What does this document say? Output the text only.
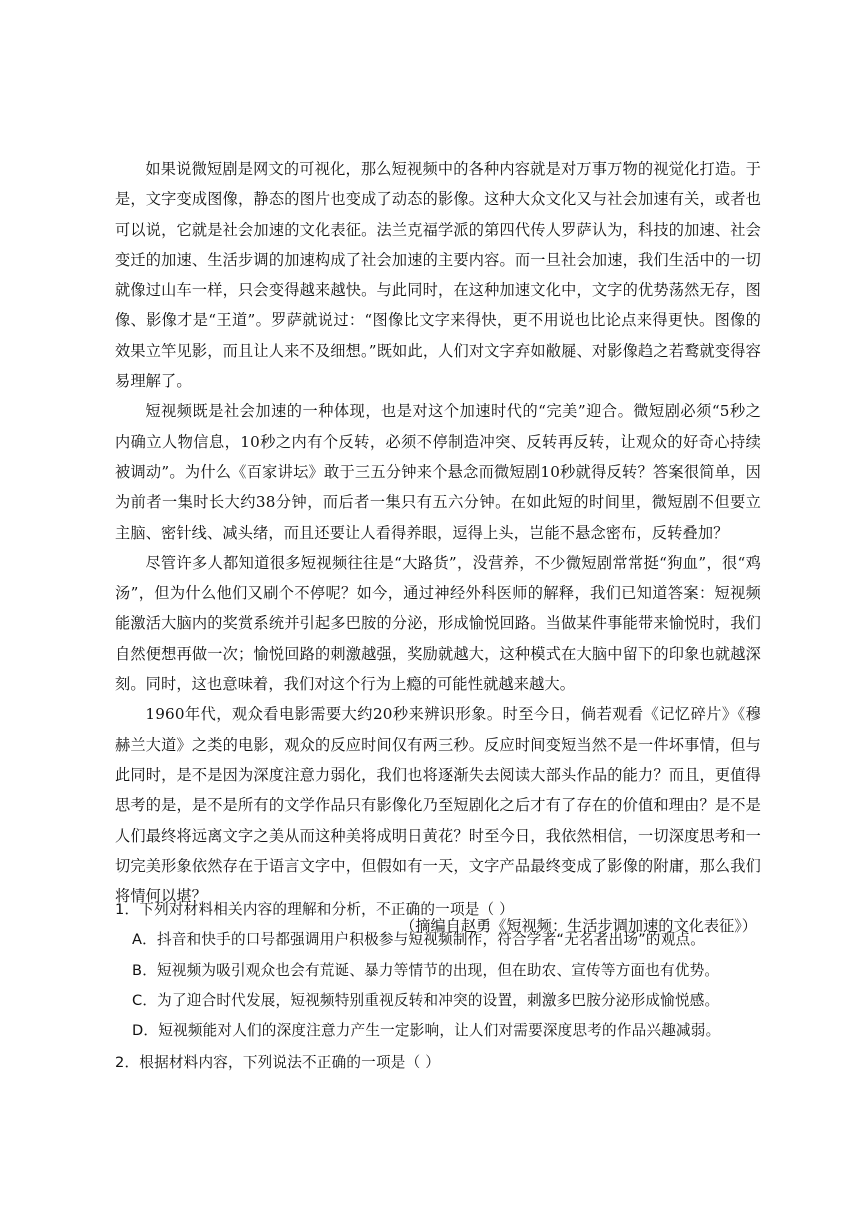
如果说微短剧是网文的可视化，那么短视频中的各种内容就是对万事万物的视觉化打造。于是，文字变成图像，静态的图片也变成了动态的影像。这种大众文化又与社会加速有关，或者也可以说，它就是社会加速的文化表征。法兰克福学派的第四代传人罗萨认为，科技的加速、社会变迁的加速、生活步调的加速构成了社会加速的主要内容。而一旦社会加速，我们生活中的一切就像过山车一样，只会变得越来越快。与此同时，在这种加速文化中，文字的优势荡然无存，图像、影像才是“王道”。罗萨就说过：“图像比文字来得快，更不用说也比论点来得更快。图像的效果立竿见影，而且让人来不及细想。”既如此，人们对文字弃如敝屣、对影像趋之若鹜就变得容易理解了。

短视频既是社会加速的一种体现，也是对这个加速时代的“完美”迎合。微短剧必须“5秒之内确立人物信息，10秒之内有个反转，必须不停制造冲突、反转再反转，让观众的好奇心持续被调动”。为什么《百家讲坛》敢于三五分钟来个悬念而微短剧10秒就得反转？答案很简单，因为前者一集时长大约38分钟，而后者一集只有五六分钟。在如此短的时间里，微短剧不但要立主脑、密针线、减头绪，而且还要让人看得养眼，逗得上头，岂能不悬念密布，反转叠加？

尽管许多人都知道很多短视频往往是“大路货”，没营养，不少微短剧常常挺“狗血”，很“鸡汤”，但为什么他们又刷个不停呢？如今，通过神经外科医师的解释，我们已知道答案：短视频能激活大脑内的奖赏系统并引起多巴胺的分泌，形成愉悦回路。当做某件事能带来愉悦时，我们自然便想再做一次；愉悦回路的刺激越强，奖励就越大，这种模式在大脑中留下的印象也就越深刻。同时，这也意味着，我们对这个行为上瘾的可能性就越来越大。

1960年代，观众看电影需要大约20秒来辨识形象。时至今日，倘若观看《记忆碎片》《穆赫兰大道》之类的电影，观众的反应时间仅有两三秒。反应时间变短当然不是一件坏事情，但与此同时，是不是因为深度注意力弱化，我们也将逐渐失去阅读大部头作品的能力？而且，更值得思考的是，是不是所有的文学作品只有影像化乃至短剧化之后才有了存在的价值和理由？是不是人们最终将远离文字之美从而这种美将成明日黄花？时至今日，我依然相信，一切深度思考和一切完美形象依然存在于语言文字中，但假如有一天，文字产品最终变成了影像的附庸，那么我们将情何以堪？

（摘编自赵勇《短视频：生活步调加速的文化表征》）

1．下列对材料相关内容的理解和分析，不正确的一项是（ ）

A．抖音和快手的口号都强调用户积极参与短视频制作，符合学者“无名者出场”的观点。

B．短视频为吸引观众也会有荒诞、暴力等情节的出现，但在助农、宣传等方面也有优势。

C．为了迎合时代发展，短视频特别重视反转和冲突的设置，刺激多巴胺分泌形成愉悦感。

D．短视频能对人们的深度注意力产生一定影响，让人们对需要深度思考的作品兴趣减弱。

2．根据材料内容，下列说法不正确的一项是（ ）
